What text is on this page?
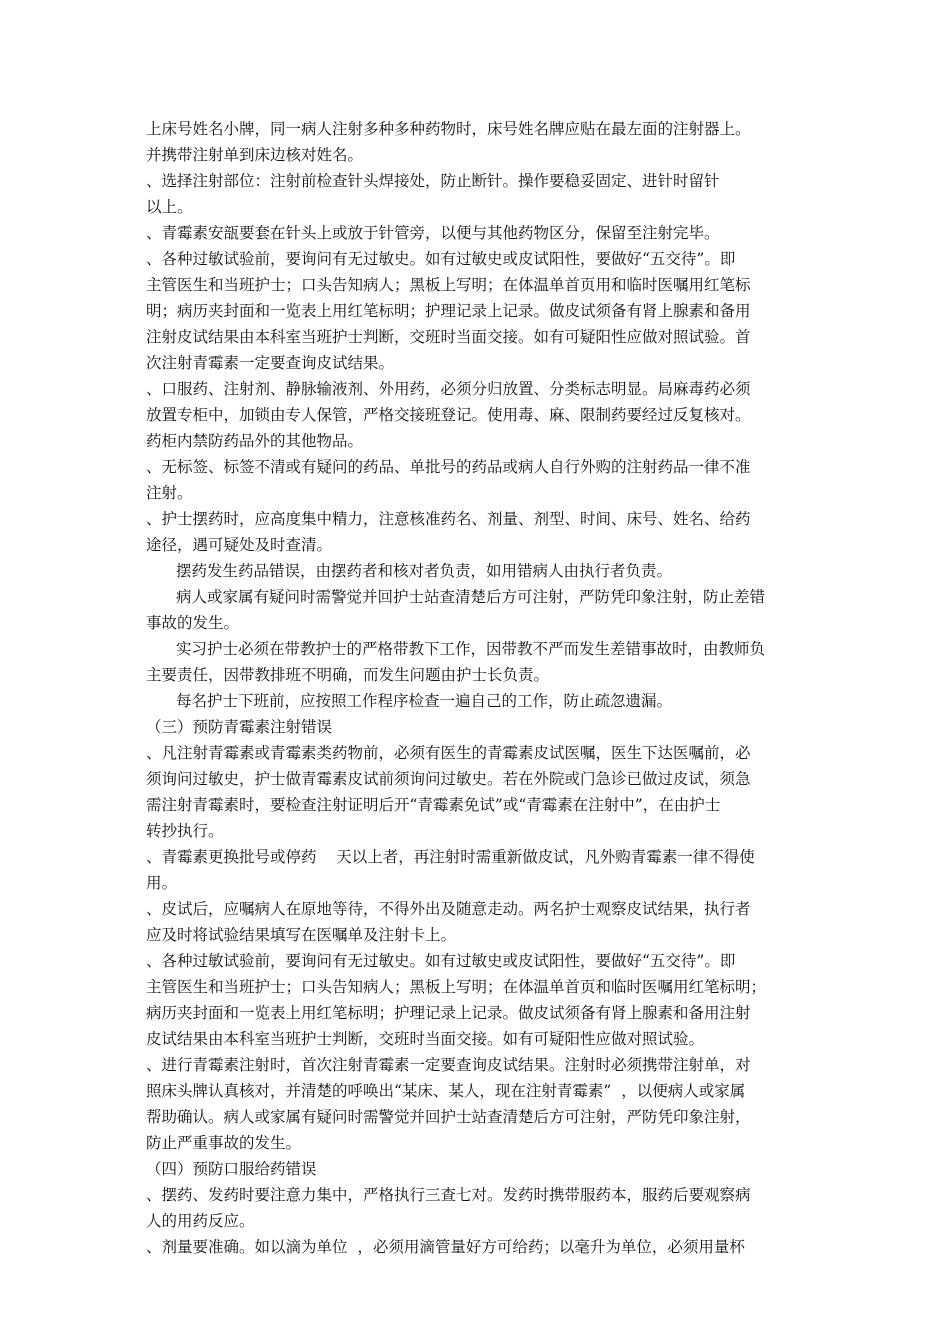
上床号姓名小牌，同一病人注射多种多种药物时，床号姓名牌应贴在最左面的注射器上。
并携带注射单到床边核对姓名。
、选择注射部位：注射前检查针头焊接处，防止断针。操作要稳妥固定、进针时留针
以上。
、青霉素安瓿要套在针头上或放于针管旁，以便与其他药物区分，保留至注射完毕。
、各种过敏试验前，要询问有无过敏史。如有过敏史或皮试阳性，要做好“五交待”。即
主管医生和当班护士；口头告知病人；黑板上写明；在体温单首页用和临时医嘱用红笔标
明；病历夹封面和一览表上用红笔标明；护理记录上记录。做皮试须备有肾上腺素和备用
注射皮试结果由本科室当班护士判断，交班时当面交接。如有可疑阳性应做对照试验。首
次注射青霉素一定要查询皮试结果。
、口服药、注射剂、静脉输液剂、外用药，必须分归放置、分类标志明显。局麻毒药必须
放置专柜中，加锁由专人保管，严格交接班登记。使用毒、麻、限制药要经过反复核对。
药柜内禁防药品外的其他物品。
、无标签、标签不清或有疑问的药品、单批号的药品或病人自行外购的注射药品一律不准
注射。
、护士摆药时，应高度集中精力，注意核准药名、剂量、剂型、时间、床号、姓名、给药
途径，遇可疑处及时查清。
摆药发生药品错误，由摆药者和核对者负责，如用错病人由执行者负责。
病人或家属有疑问时需警觉并回护士站查清楚后方可注射，严防凭印象注射，防止差错
事故的发生。
实习护士必须在带教护士的严格带教下工作，因带教不严而发生差错事故时，由教师负
主要责任，因带教排班不明确，而发生问题由护士长负责。
每名护士下班前，应按照工作程序检查一遍自己的工作，防止疏忽遗漏。
（三）预防青霉素注射错误
、凡注射青霉素或青霉素类药物前，必须有医生的青霉素皮试医嘱，医生下达医嘱前，必
须询问过敏史，护士做青霉素皮试前须询问过敏史。若在外院或门急诊已做过皮试，须急
需注射青霉素时，要检查注射证明后开“青霉素免试”或“青霉素在注射中”，在由护士
转抄执行。
、青霉素更换批号或停药    天以上者，再注射时需重新做皮试，凡外购青霉素一律不得使
用。
、皮试后，应嘱病人在原地等待，不得外出及随意走动。两名护士观察皮试结果，执行者
应及时将试验结果填写在医嘱单及注射卡上。
、各种过敏试验前，要询问有无过敏史。如有过敏史或皮试阳性，要做好“五交待”。即
主管医生和当班护士；口头告知病人；黑板上写明；在体温单首页和临时医嘱用红笔标明；
病历夹封面和一览表上用红笔标明；护理记录上记录。做皮试须备有肾上腺素和备用注射
皮试结果由本科室当班护士判断，交班时当面交接。如有可疑阳性应做对照试验。
、进行青霉素注射时，首次注射青霉素一定要查询皮试结果。注射时必须携带注射单，对
照床头牌认真核对，并清楚的呼唤出“某床、某人，现在注射青霉素”  ，以便病人或家属
帮助确认。病人或家属有疑问时需警觉并回护士站查清楚后方可注射，严防凭印象注射，
防止严重事故的发生。
（四）预防口服给药错误
、摆药、发药时要注意力集中，严格执行三查七对。发药时携带服药本，服药后要观察病
人的用药反应。
、剂量要准确。如以滴为单位  ，必须用滴管量好方可给药；以毫升为单位，必须用量杯
